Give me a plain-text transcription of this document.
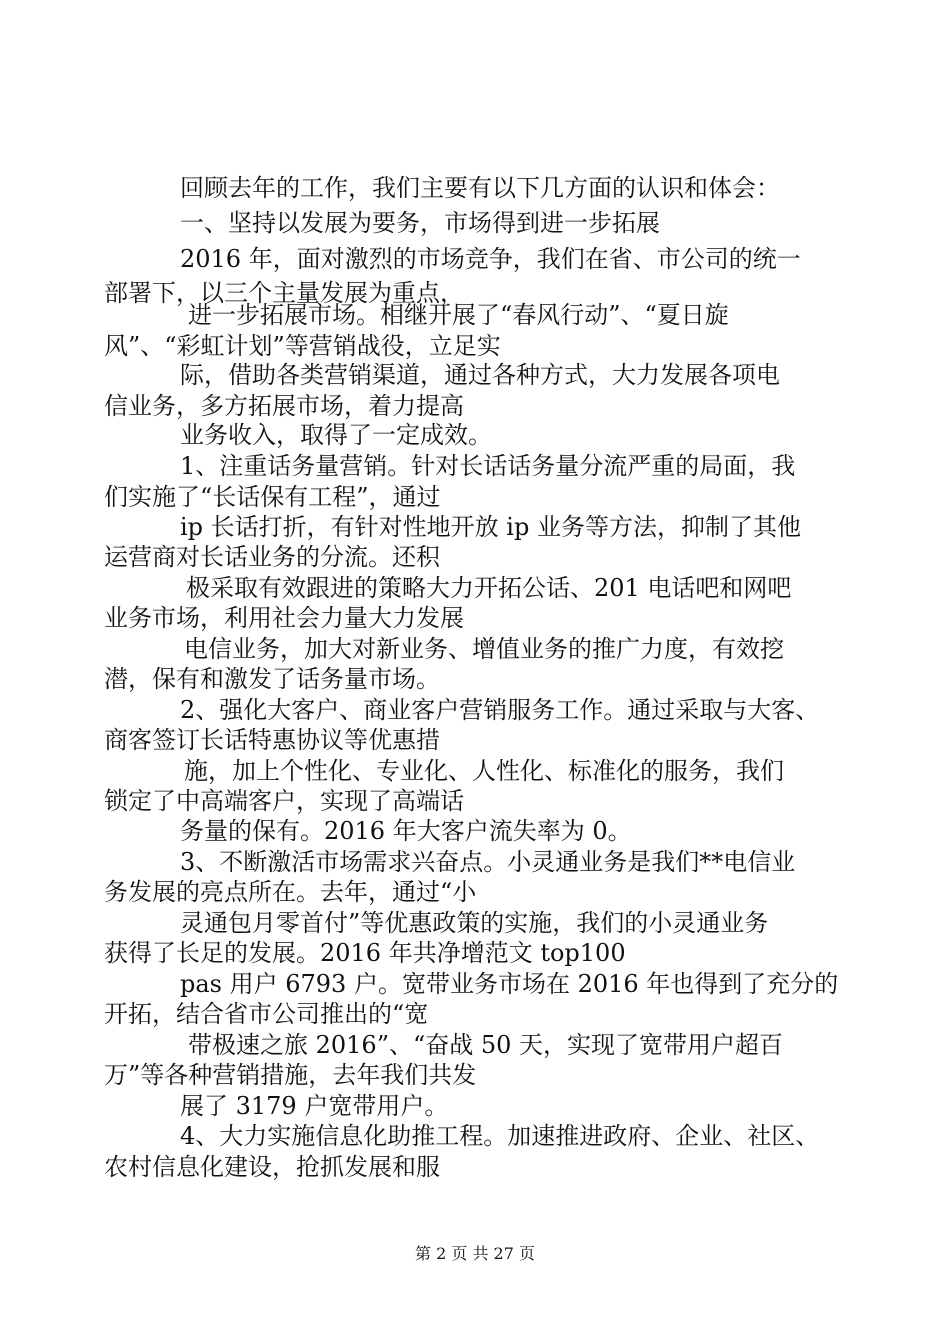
回顾去年的工作，我们主要有以下几方面的认识和体会：
一、坚持以发展为要务，市场得到进一步拓展
2016 年，面对激烈的市场竞争，我们在省、市公司的统一
部署下，以三个主量发展为重点，
进一步拓展市场。相继开展了“春风行动”、“夏日旋
风”、“彩虹计划”等营销战役，立足实
际，借助各类营销渠道，通过各种方式，大力发展各项电
信业务，多方拓展市场，着力提高
业务收入，取得了一定成效。
1、注重话务量营销。针对长话话务量分流严重的局面，我
们实施了“长话保有工程”，通过
ip 长话打折，有针对性地开放 ip 业务等方法，抑制了其他
运营商对长话业务的分流。还积
极采取有效跟进的策略大力开拓公话、201 电话吧和网吧
业务市场，利用社会力量大力发展
电信业务，加大对新业务、增值业务的推广力度，有效挖
潜，保有和激发了话务量市场。
2、强化大客户、商业客户营销服务工作。通过采取与大客、
商客签订长话特惠协议等优惠措
施，加上个性化、专业化、人性化、标准化的服务，我们
锁定了中高端客户，实现了高端话
务量的保有。2016 年大客户流失率为 0。
3、不断激活市场需求兴奋点。小灵通业务是我们**电信业
务发展的亮点所在。去年，通过“小
灵通包月零首付”等优惠政策的实施，我们的小灵通业务
获得了长足的发展。2016 年共净增范文 top100
pas 用户 6793 户。宽带业务市场在 2016 年也得到了充分的
开拓，结合省市公司推出的“宽
带极速之旅 2016”、“奋战 50 天，实现了宽带用户超百
万”等各种营销措施，去年我们共发
展了 3179 户宽带用户。
4、大力实施信息化助推工程。加速推进政府、企业、社区、
农村信息化建设，抢抓发展和服
第 2 页 共 27 页
